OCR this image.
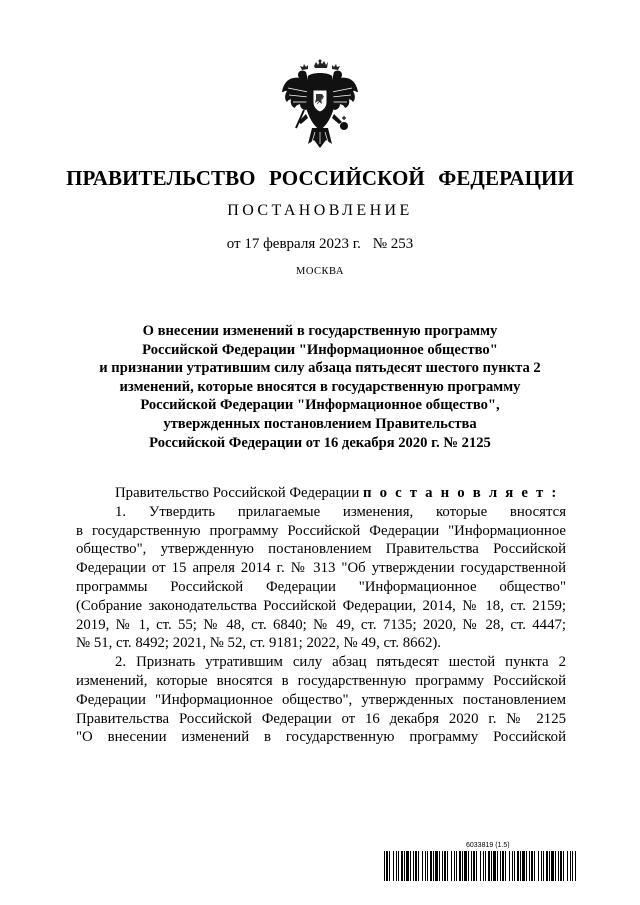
ПРАВИТЕЛЬСТВО РОССИЙСКОЙ ФЕДЕРАЦИИ
ПОСТАНОВЛЕНИЕ
от 17 февраля 2023 г. № 253
МОСКВА
О внесении изменений в государственную программу
Российской Федерации "Информационное общество"
и признании утратившим силу абзаца пятьдесят шестого пункта 2
изменений, которые вносятся в государственную программу
Российской Федерации "Информационное общество",
утвержденных постановлением Правительства
Российской Федерации от 16 декабря 2020 г. № 2125
Правительство Российской Федерации п о с т а н о в л я е т :
1. Утвердить прилагаемые изменения, которые вносятся
в государственную программу Российской Федерации "Информационное
общество", утвержденную постановлением Правительства Российской
Федерации от 15 апреля 2014 г. № 313 "Об утверждении государственной
программы Российской Федерации "Информационное общество"
(Собрание законодательства Российской Федерации, 2014, № 18, ст. 2159;
2019, № 1, ст. 55; № 48, ст. 6840; № 49, ст. 7135; 2020, № 28, ст. 4447;
№ 51, ст. 8492; 2021, № 52, ст. 9181; 2022, № 49, ст. 8662).
2. Признать утратившим силу абзац пятьдесят шестой пункта 2
изменений, которые вносятся в государственную программу Российской
Федерации "Информационное общество", утвержденных постановлением
Правительства Российской Федерации от 16 декабря 2020 г. № 2125
"О внесении изменений в государственную программу Российской
6033819 (1.5)
